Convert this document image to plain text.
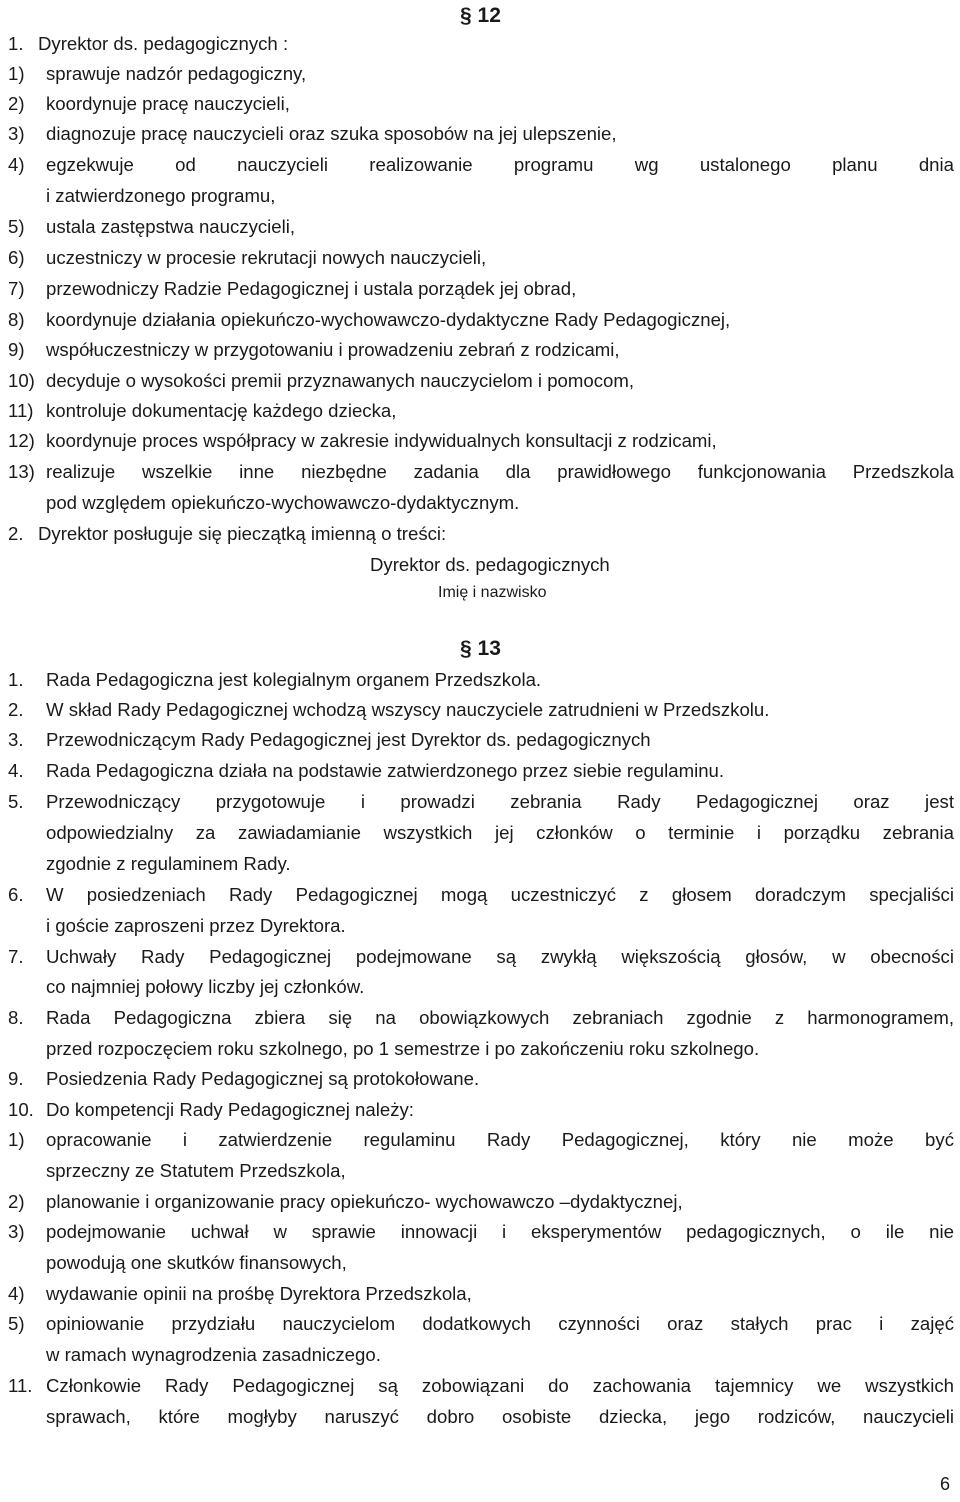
§ 12
1. Dyrektor ds. pedagogicznych :
1) sprawuje nadzór pedagogiczny,
2) koordynuje pracę nauczycieli,
3) diagnozuje pracę nauczycieli oraz szuka sposobów na jej ulepszenie,
4) egzekwuje od nauczycieli realizowanie programu wg ustalonego planu dnia
i zatwierdzonego programu,
5) ustala zastępstwa nauczycieli,
6) uczestniczy w procesie rekrutacji nowych nauczycieli,
7) przewodniczy Radzie Pedagogicznej i ustala porządek jej obrad,
8) koordynuje działania opiekuńczo-wychowawczo-dydaktyczne Rady Pedagogicznej,
9) współuczestniczy w przygotowaniu i prowadzeniu zebrań z rodzicami,
10) decyduje o wysokości premii przyznawanych nauczycielom i pomocom,
11) kontroluje dokumentację każdego dziecka,
12) koordynuje proces współpracy w zakresie indywidualnych konsultacji z rodzicami,
13) realizuje wszelkie inne niezbędne zadania dla prawidłowego funkcjonowania Przedszkola
pod względem opiekuńczo-wychowawczo-dydaktycznym.
2. Dyrektor posługuje się pieczątką imienną o treści:
Dyrektor ds. pedagogicznych
Imię i nazwisko
§ 13
1. Rada Pedagogiczna jest kolegialnym organem Przedszkola.
2. W skład Rady Pedagogicznej wchodzą wszyscy nauczyciele zatrudnieni w Przedszkolu.
3. Przewodniczącym Rady Pedagogicznej jest Dyrektor ds. pedagogicznych
4. Rada Pedagogiczna działa na podstawie zatwierdzonego przez siebie regulaminu.
5. Przewodniczący przygotowuje i prowadzi zebrania Rady Pedagogicznej oraz jest
odpowiedzialny za zawiadamianie wszystkich jej członków o terminie i porządku zebrania
zgodnie z regulaminem Rady.
6. W posiedzeniach Rady Pedagogicznej mogą uczestniczyć z głosem doradczym specjaliści
i goście zaproszeni przez Dyrektora.
7. Uchwały Rady Pedagogicznej podejmowane są zwykłą większością głosów, w obecności
co najmniej połowy liczby jej członków.
8. Rada Pedagogiczna zbiera się na obowiązkowych zebraniach zgodnie z harmonogramem,
przed rozpoczęciem roku szkolnego, po 1 semestrze i po zakończeniu roku szkolnego.
9. Posiedzenia Rady Pedagogicznej są protokołowane.
10. Do kompetencji Rady Pedagogicznej należy:
1) opracowanie i zatwierdzenie regulaminu Rady Pedagogicznej, który nie może być
sprzeczny ze Statutem Przedszkola,
2) planowanie i organizowanie pracy opiekuńczo- wychowawczo –dydaktycznej,
3) podejmowanie uchwał w sprawie innowacji i eksperymentów pedagogicznych, o ile nie
powodują one skutków finansowych,
4) wydawanie opinii na prośbę Dyrektora Przedszkola,
5) opiniowanie przydziału nauczycielom dodatkowych czynności oraz stałych prac i zajęć
w ramach wynagrodzenia zasadniczego.
11. Członkowie Rady Pedagogicznej są zobowiązani do zachowania tajemnicy we wszystkich
sprawach, które mogłyby naruszyć dobro osobiste dziecka, jego rodziców, nauczycieli
6
